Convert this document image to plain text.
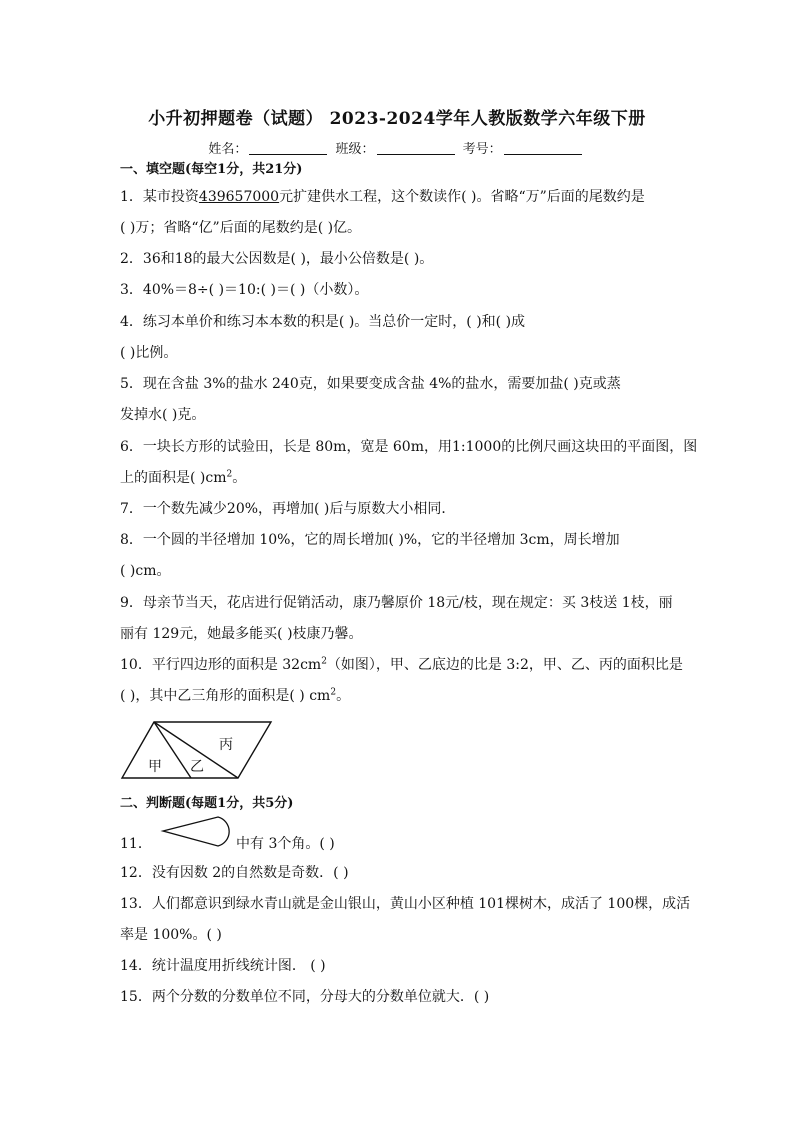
小升初押题卷（试题） 2023-2024学年人教版数学六年级下册
姓名：	班级：	考号：
一、填空题(每空1分，共21分)
1．某市投资439657000元扩建供水工程，这个数读作( )。省略“万”后面的尾数约是
( )万；省略“亿”后面的尾数约是( )亿。
2．36和18的最大公因数是( )，最小公倍数是( )。
3．40%＝8÷( )＝10:( )＝( )（小数）。
4．练习本单价和练习本本数的积是( )。当总价一定时，( )和( )成
( )比例。
5．现在含盐 3%的盐水 240克，如果要变成含盐 4%的盐水，需要加盐( )克或蒸
发掉水( )克。
6．一块长方形的试验田，长是 80m，宽是 60m，用1:1000的比例尺画这块田的平面图，图
上的面积是( )$cm^2$。
7．一个数先减少20%，再增加( )后与原数大小相同．
8．一个圆的半径增加 10%，它的周长增加( )%，它的半径增加 3cm，周长增加
( )cm。
9．母亲节当天，花店进行促销活动，康乃馨原价 18元/枝，现在规定：买 3枝送 1枝，丽
丽有 129元，她最多能买( )枝康乃馨。
10．平行四边形的面积是 $32cm^2$（如图），甲、乙底边的比是 3:2，甲、乙、丙的面积比是
( )，其中乙三角形的面积是( ) $cm^2$。
甲 乙
丙
二、判断题(每题1分，共5分)
11．	中有 3个角。( )
12．没有因数 2的自然数是奇数．( )
13．人们都意识到绿水青山就是金山银山，黄山小区种植 101棵树木，成活了 100棵，成活
率是 100%。( )
14．统计温度用折线统计图． ( )
15．两个分数的分数单位不同，分母大的分数单位就大．( )
